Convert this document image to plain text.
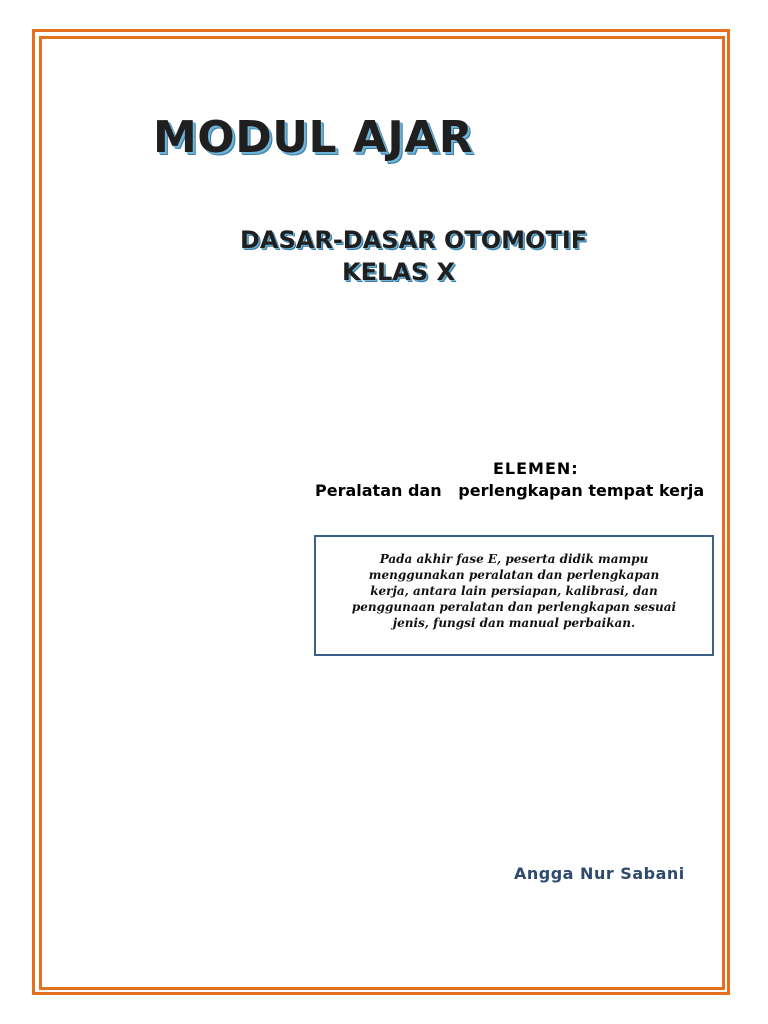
MODUL AJAR
DASAR-DASAR OTOMOTIF
KELAS X
ELEMEN:
Peralatan dan   perlengkapan tempat kerja

Pada akhir fase E, peserta didik mampu menggunakan peralatan dan perlengkapan kerja, antara lain persiapan, kalibrasi, dan penggunaan peralatan dan perlengkapan sesuai jenis, fungsi dan manual perbaikan.

Angga Nur Sabani
